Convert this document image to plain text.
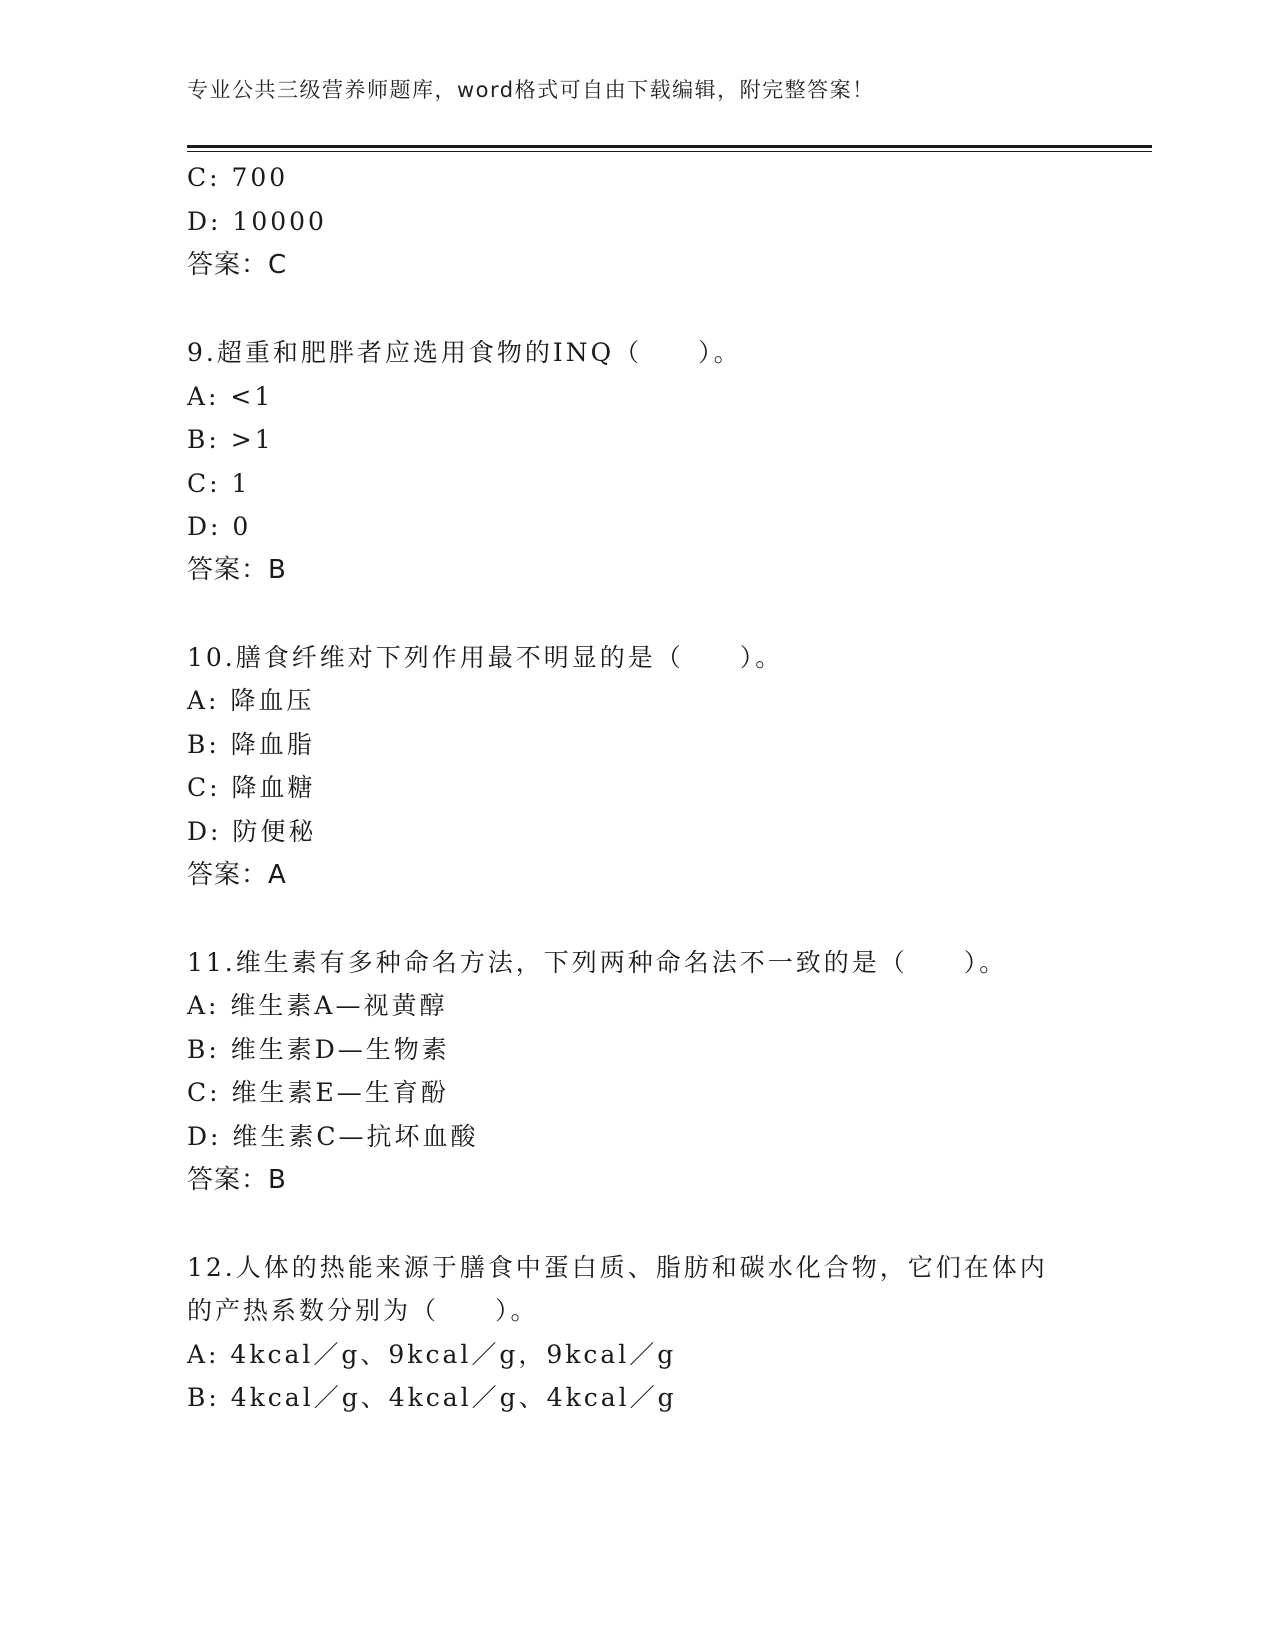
专业公共三级营养师题库，word格式可自由下载编辑，附完整答案！
C: 700
D: 10000
答案：C
9.超重和肥胖者应选用食物的INQ（　　）。
A: <1
B: >1
C: 1
D: 0
答案：B
10.膳食纤维对下列作用最不明显的是（　　）。
A: 降血压
B: 降血脂
C: 降血糖
D: 防便秘
答案：A
11.维生素有多种命名方法，下列两种命名法不一致的是（　　）。
A: 维生素A—视黄醇
B: 维生素D—生物素
C: 维生素E—生育酚
D: 维生素C—抗坏血酸
答案：B
12.人体的热能来源于膳食中蛋白质、脂肪和碳水化合物，它们在体内
的产热系数分别为（　　）。
A: 4kcal／g、9kcal／g，9kcal／g
B: 4kcal／g、4kcal／g、4kcal／g
